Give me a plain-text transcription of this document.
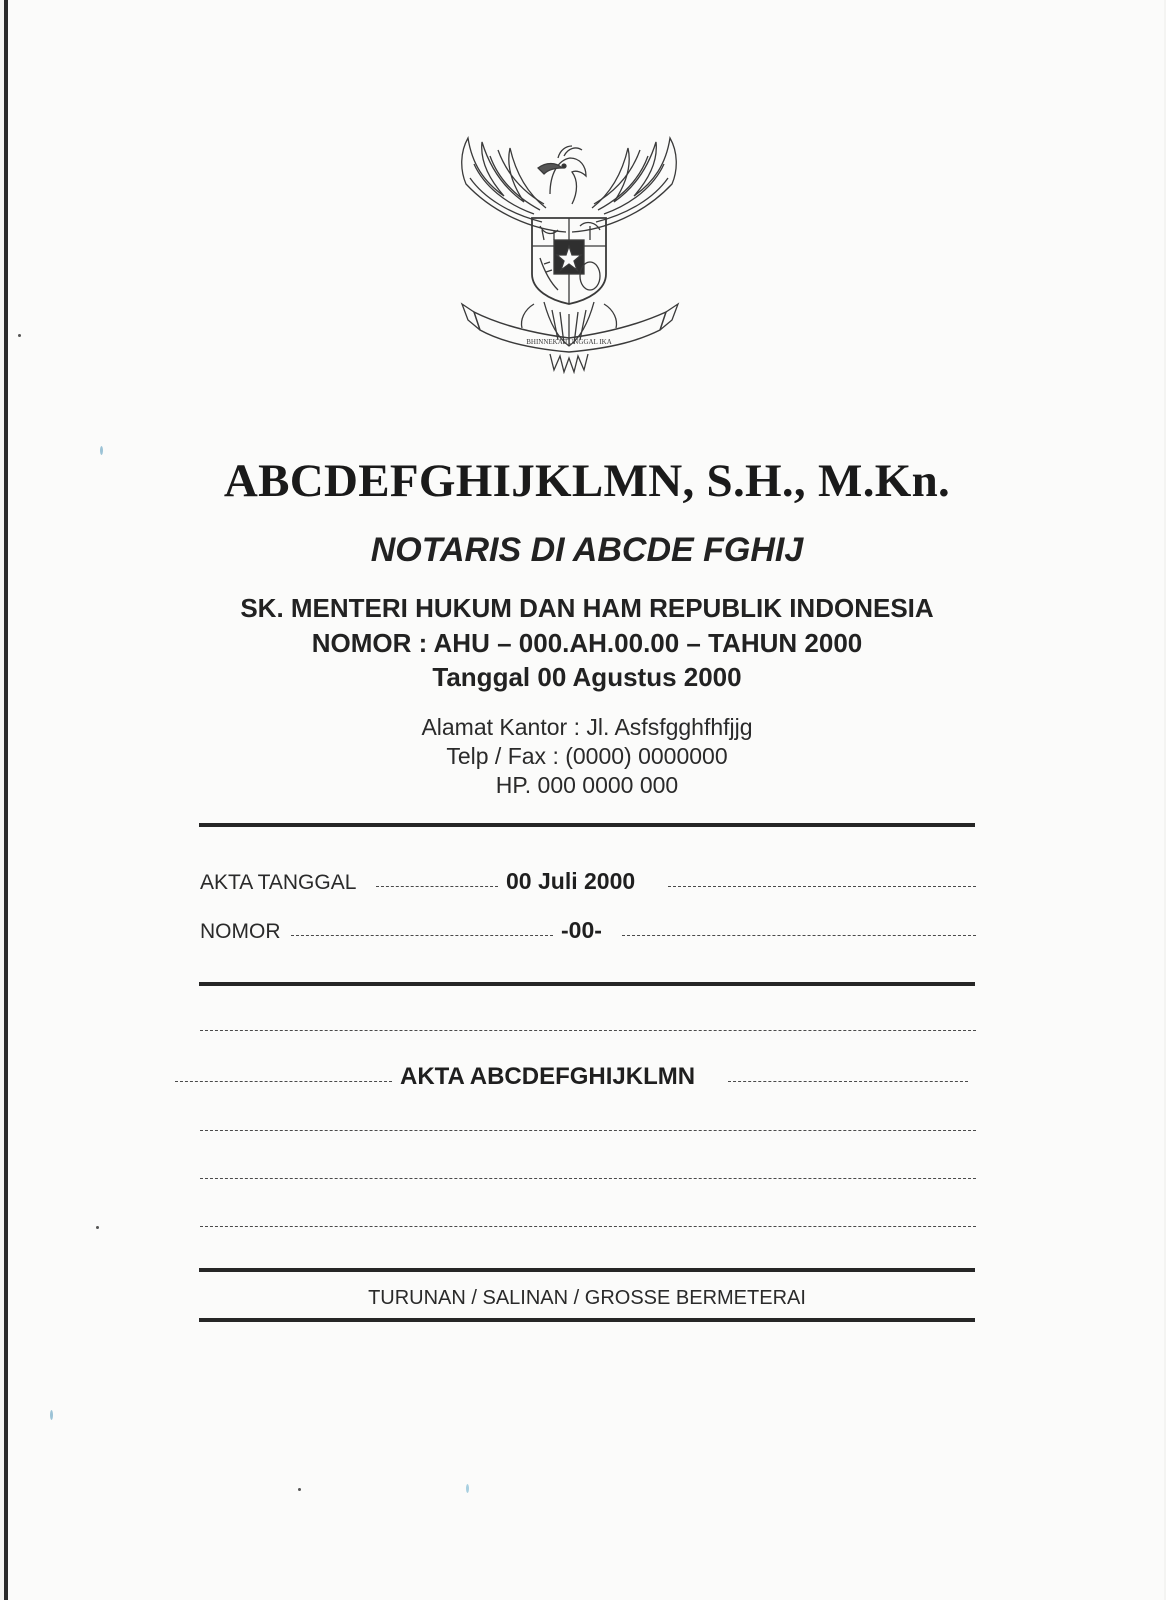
BHINNEKA TUNGGAL IKA
ABCDEFGHIJKLMN, S.H., M.Kn.
NOTARIS DI ABCDE FGHIJ
SK. MENTERI HUKUM DAN HAM REPUBLIK INDONESIA
NOMOR : AHU – 000.AH.00.00 – TAHUN 2000
Tanggal 00 Agustus 2000
Alamat Kantor : Jl. Asfsfgghfhfjjg
Telp / Fax : (0000) 0000000
HP. 000 0000 000
AKTA TANGGAL	00 Juli 2000
NOMOR	-00-
AKTA ABCDEFGHIJKLMN
TURUNAN / SALINAN / GROSSE BERMETERAI
